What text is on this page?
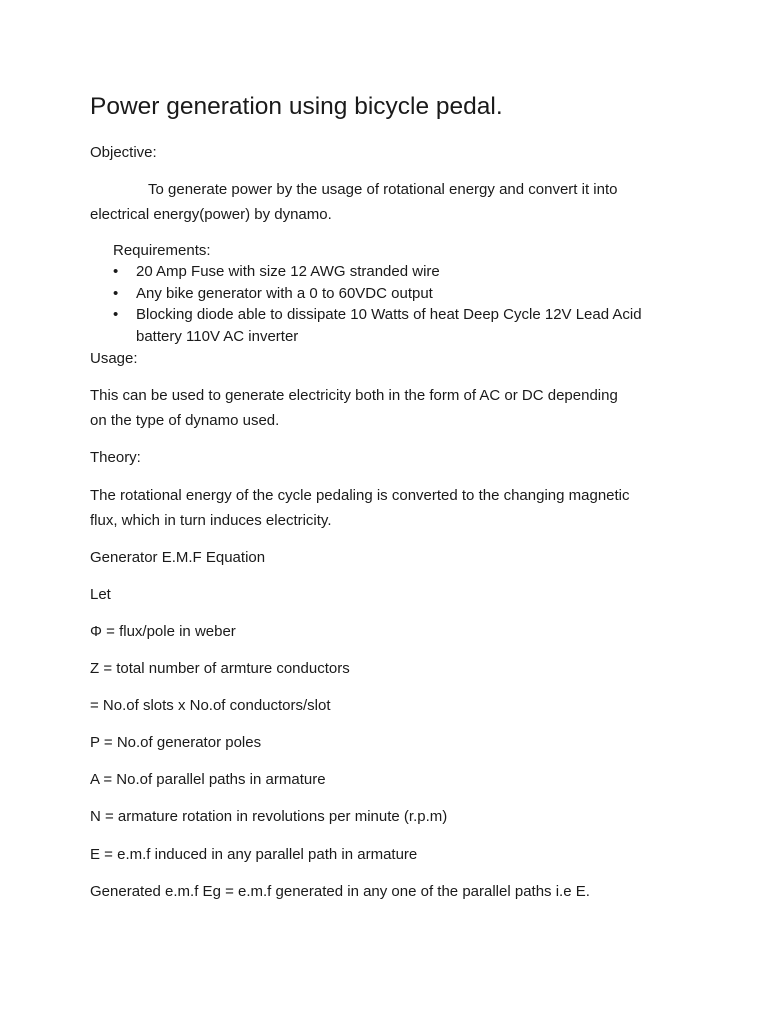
Power generation using bicycle pedal.

Objective:

To generate power by the usage of rotational energy and convert it into
electrical energy(power) by dynamo.

Requirements:

• 20 Amp Fuse with size 12 AWG stranded wire
• Any bike generator with a 0 to 60VDC output
• Blocking diode able to dissipate 10 Watts of heat Deep Cycle 12V Lead Acid
battery 110V AC inverter

Usage:

This can be used to generate electricity both in the form of AC or DC depending
on the type of dynamo used.

Theory:

The rotational energy of the cycle pedaling is converted to the changing magnetic
flux, which in turn induces electricity.

Generator E.M.F Equation

Let

Φ = flux/pole in weber

Z = total number of armture conductors

= No.of slots x No.of conductors/slot

P = No.of generator poles

A = No.of parallel paths in armature

N = armature rotation in revolutions per minute (r.p.m)

E = e.m.f induced in any parallel path in armature

Generated e.m.f Eg = e.m.f generated in any one of the parallel paths i.e E.
